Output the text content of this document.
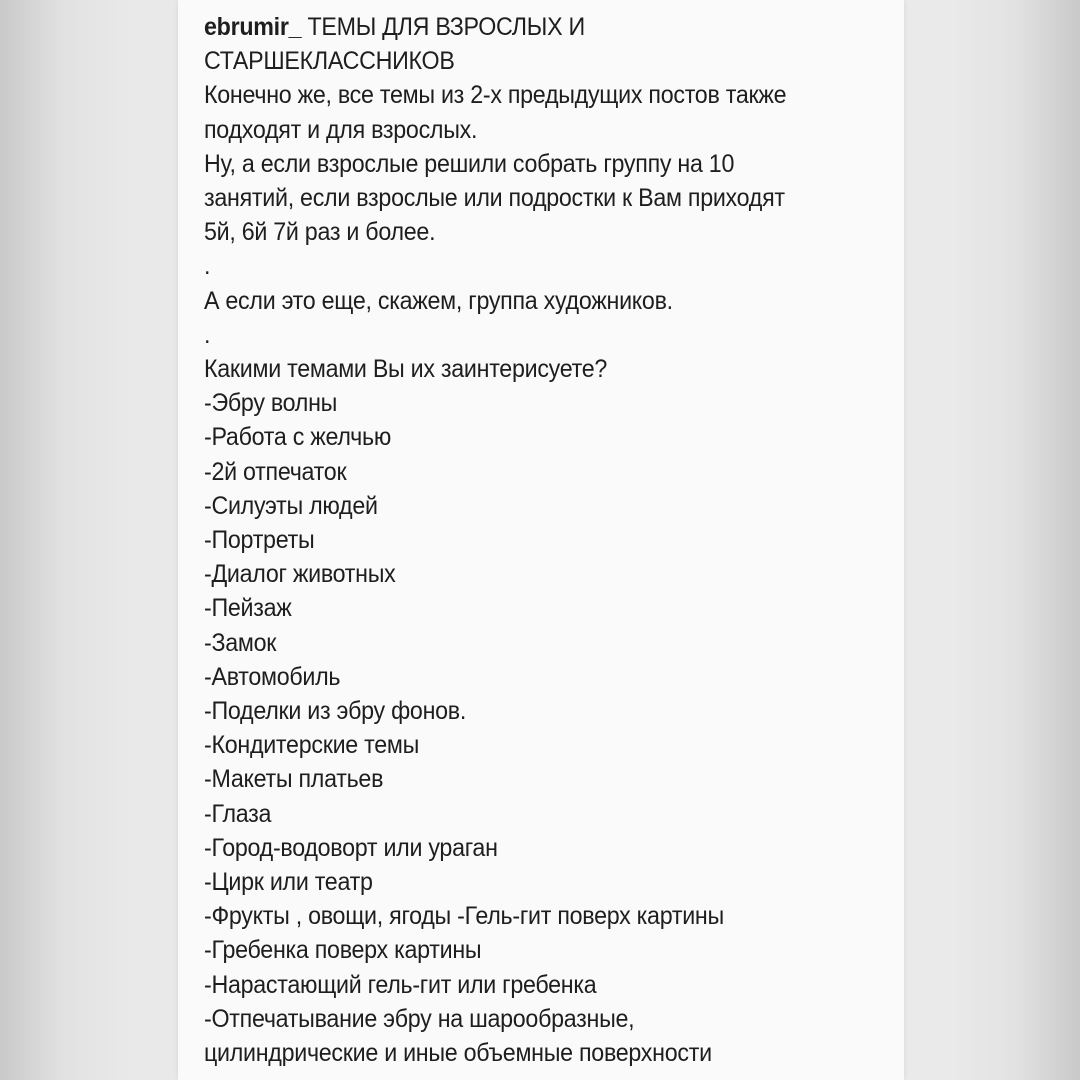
ebrumir_ ТЕМЫ ДЛЯ ВЗРОСЛЫХ И
СТАРШЕКЛАССНИКОВ
Конечно же, все темы из 2-х предыдущих постов также
подходят и для взрослых.
Ну, а если взрослые решили собрать группу на 10
занятий, если взрослые или подростки к Вам приходят
5й, 6й 7й раз и более.
.
А если это еще, скажем, группа художников.
.
Какими темами Вы их заинтерисуете?
-Эбру волны
-Работа с желчью
-2й отпечаток
-Силуэты людей
-Портреты
-Диалог животных
-Пейзаж
-Замок
-Автомобиль
-Поделки из эбру фонов.
-Кондитерские темы
-Макеты платьев
-Глаза
-Город-водоворт или ураган
-Цирк или театр
-Фрукты , овощи, ягоды -Гель-гит поверх картины
-Гребенка поверх картины
-Нарастающий гель-гит или гребенка
-Отпечатывание эбру на шарообразные,
цилиндрические и иные объемные поверхности
